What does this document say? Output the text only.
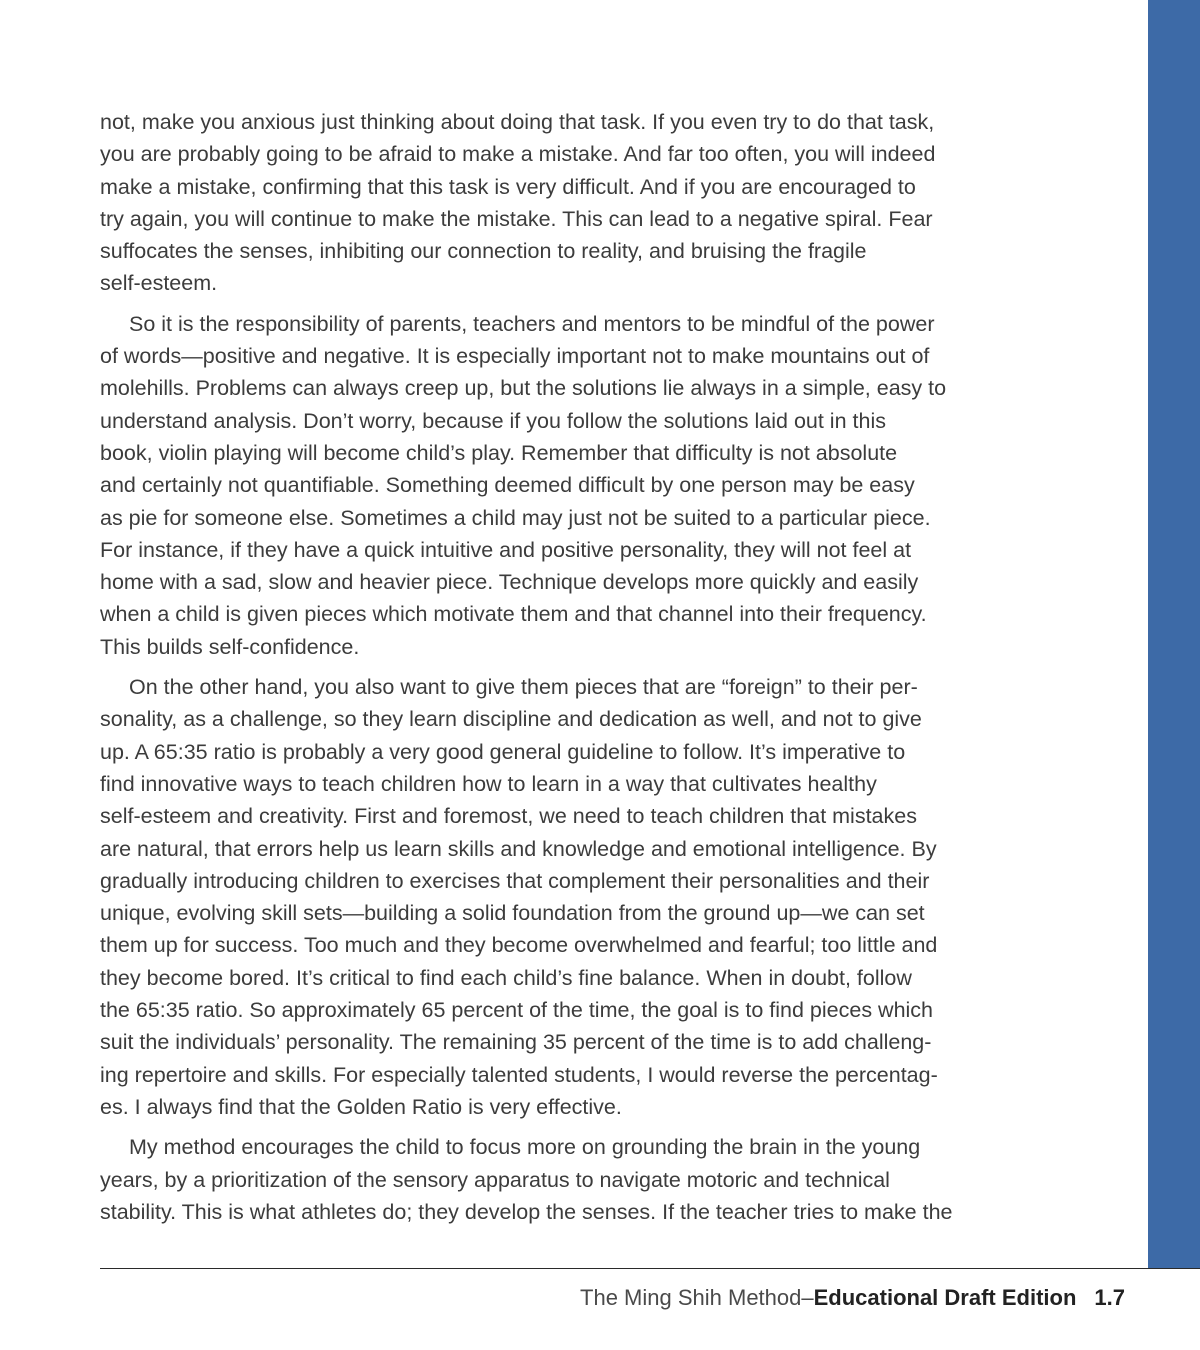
not, make you anxious just thinking about doing that task. If you even try to do that task,
you are probably going to be afraid to make a mistake. And far too often, you will indeed
make a mistake, confirming that this task is very difficult. And if you are encouraged to
try again, you will continue to make the mistake. This can lead to a negative spiral. Fear
suffocates the senses, inhibiting our connection to reality, and bruising the fragile
self-esteem.

So it is the responsibility of parents, teachers and mentors to be mindful of the power
of words—positive and negative. It is especially important not to make mountains out of
molehills. Problems can always creep up, but the solutions lie always in a simple, easy to
understand analysis. Don’t worry, because if you follow the solutions laid out in this
book, violin playing will become child’s play. Remember that difficulty is not absolute
and certainly not quantifiable. Something deemed difficult by one person may be easy
as pie for someone else. Sometimes a child may just not be suited to a particular piece.
For instance, if they have a quick intuitive and positive personality, they will not feel at
home with a sad, slow and heavier piece. Technique develops more quickly and easily
when a child is given pieces which motivate them and that channel into their frequency.
This builds self-confidence.

On the other hand, you also want to give them pieces that are “foreign” to their per-
sonality, as a challenge, so they learn discipline and dedication as well, and not to give
up. A 65:35 ratio is probably a very good general guideline to follow. It’s imperative to
find innovative ways to teach children how to learn in a way that cultivates healthy
self-esteem and creativity. First and foremost, we need to teach children that mistakes
are natural, that errors help us learn skills and knowledge and emotional intelligence. By
gradually introducing children to exercises that complement their personalities and their
unique, evolving skill sets—building a solid foundation from the ground up—we can set
them up for success. Too much and they become overwhelmed and fearful; too little and
they become bored. It’s critical to find each child’s fine balance. When in doubt, follow
the 65:35 ratio. So approximately 65 percent of the time, the goal is to find pieces which
suit the individuals’ personality. The remaining 35 percent of the time is to add challeng-
ing repertoire and skills. For especially talented students, I would reverse the percentag-
es. I always find that the Golden Ratio is very effective.

My method encourages the child to focus more on grounding the brain in the young
years, by a prioritization of the sensory apparatus to navigate motoric and technical
stability. This is what athletes do; they develop the senses. If the teacher tries to make the

The Ming Shih Method–Educational Draft Edition 1.7
